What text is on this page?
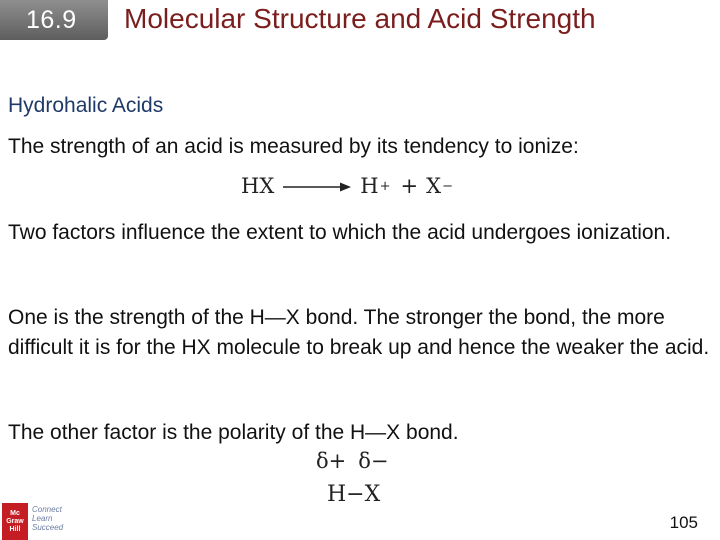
16.9 Molecular Structure and Acid Strength
Hydrohalic Acids
The strength of an acid is measured by its tendency to ionize:
HX → H + + X −
Two factors influence the extent to which the acid undergoes ionization.
One is the strength of the H—X bond. The stronger the bond, the more difficult it is for the HX molecule to break up and hence the weaker the acid.
The other factor is the polarity of the H—X bond.
δ+ δ−
H−X
Mc
Graw
Hill
Connect
Learn
Succeed	105
